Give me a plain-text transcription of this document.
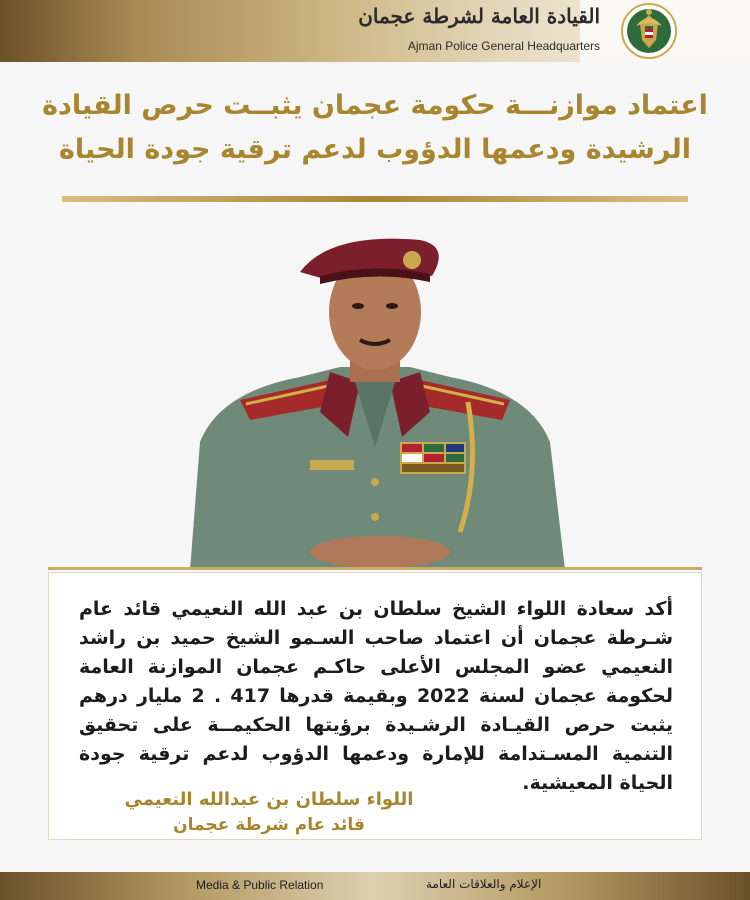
القيادة العامة لشرطة عجمان
Ajman Police General Headquarters
اعتماد موازنـــة حكومة عجمان يثبــت حرص القيادة
الرشيدة ودعمها الدؤوب لدعم ترقية جودة الحياة
أكد سعادة اللواء الشيخ سلطان بن عبد الله النعيمي قائد عام شـرطة عجمان أن اعتماد صاحب السـمو الشيخ حميد بن راشد النعيمي عضو المجلس الأعلى حاكـم عجمان الموازنة العامة لحكومة عجمان لسنة 2022 وبقيمة قدرها 417 . 2 مليار درهم يثبت حرص القيـادة الرشـيدة برؤيتها الحكيمــة على تحقيق التنمية المسـتدامة للإمارة ودعمها الدؤوب لدعم ترقية جودة الحياة المعيشية.
اللواء سلطان بن عبدالله النعيمي
قائد عام شرطة عجمان
Media & Public Relation	الإعلام والعلاقات العامة
